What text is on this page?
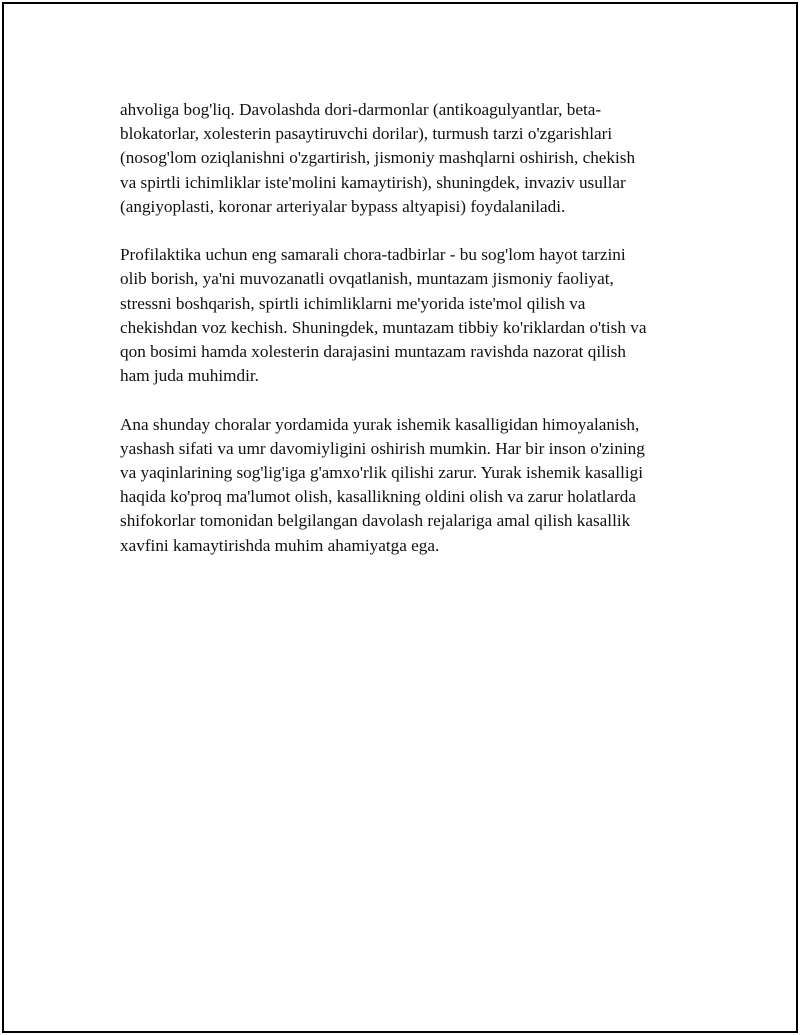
ahvoliga bog'liq. Davolashda dori-darmonlar (antikoagulyantlar, beta-
blokatorlar, xolesterin pasaytiruvchi dorilar), turmush tarzi o'zgarishlari
(nosog'lom oziqlanishni o'zgartirish, jismoniy mashqlarni oshirish, chekish
va spirtli ichimliklar iste'molini kamaytirish), shuningdek, invaziv usullar
(angiyoplasti, koronar arteriyalar bypass altyapisi) foydalaniladi.

Profilaktika uchun eng samarali chora-tadbirlar - bu sog'lom hayot tarzini
olib borish, ya'ni muvozanatli ovqatlanish, muntazam jismoniy faoliyat,
stressni boshqarish, spirtli ichimliklarni me'yorida iste'mol qilish va
chekishdan voz kechish. Shuningdek, muntazam tibbiy ko'riklardan o'tish va
qon bosimi hamda xolesterin darajasini muntazam ravishda nazorat qilish
ham juda muhimdir.

Ana shunday choralar yordamida yurak ishemik kasalligidan himoyalanish,
yashash sifati va umr davomiyligini oshirish mumkin. Har bir inson o'zining
va yaqinlarining sog'lig'iga g'amxo'rlik qilishi zarur. Yurak ishemik kasalligi
haqida ko'proq ma'lumot olish, kasallikning oldini olish va zarur holatlarda
shifokorlar tomonidan belgilangan davolash rejalariga amal qilish kasallik
xavfini kamaytirishda muhim ahamiyatga ega.
